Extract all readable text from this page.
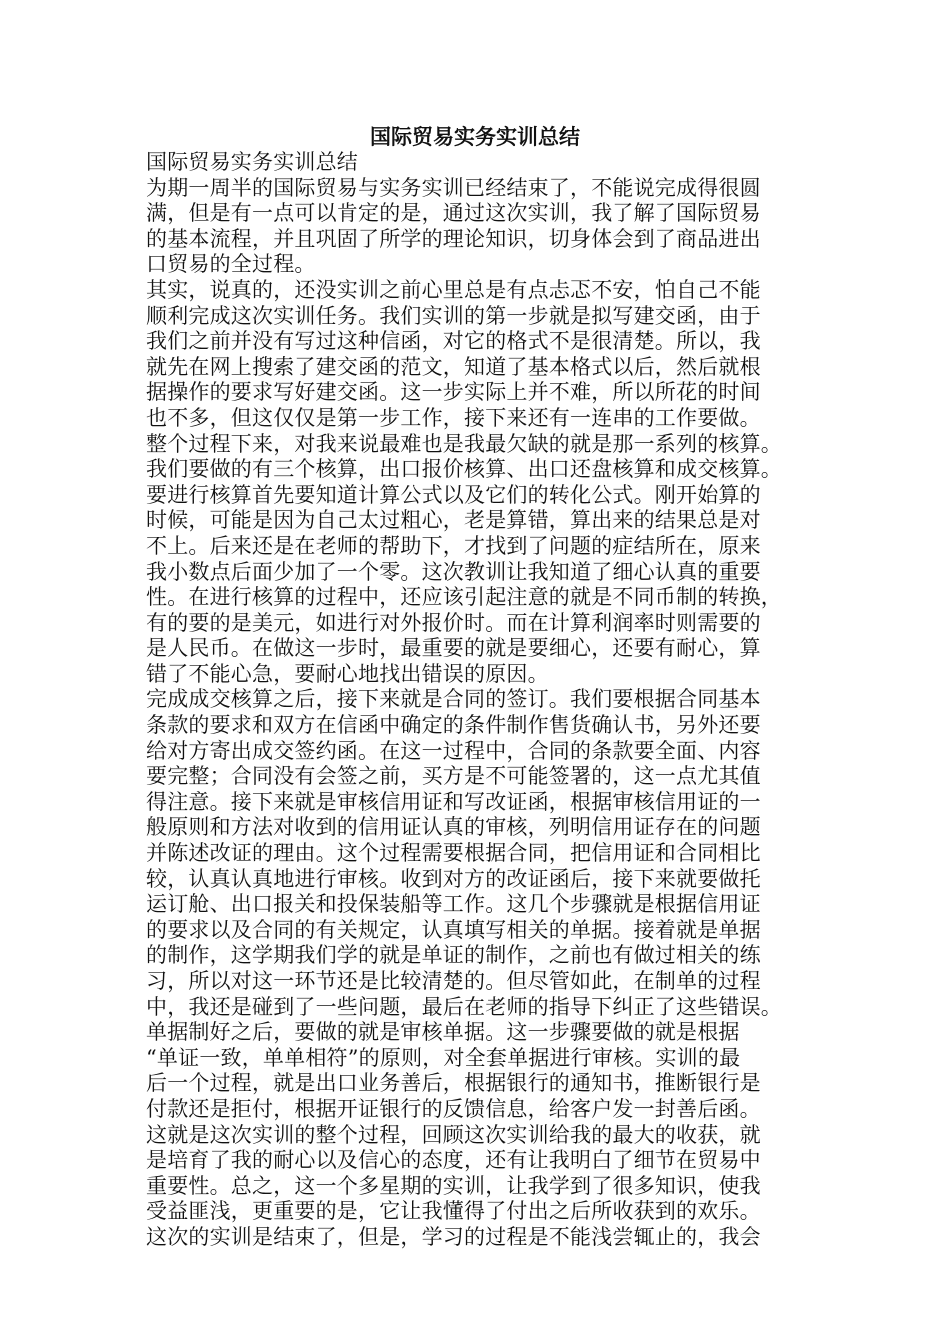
国际贸易实务实训总结
国际贸易实务实训总结
为期一周半的国际贸易与实务实训已经结束了，不能说完成得很圆
满，但是有一点可以肯定的是，通过这次实训，我了解了国际贸易
的基本流程，并且巩固了所学的理论知识，切身体会到了商品进出
口贸易的全过程。
其实，说真的，还没实训之前心里总是有点忐忑不安，怕自己不能
顺利完成这次实训任务。我们实训的第一步就是拟写建交函，由于
我们之前并没有写过这种信函，对它的格式不是很清楚。所以，我
就先在网上搜索了建交函的范文，知道了基本格式以后，然后就根
据操作的要求写好建交函。这一步实际上并不难，所以所花的时间
也不多，但这仅仅是第一步工作，接下来还有一连串的工作要做。
整个过程下来，对我来说最难也是我最欠缺的就是那一系列的核算。
我们要做的有三个核算，出口报价核算、出口还盘核算和成交核算。
要进行核算首先要知道计算公式以及它们的转化公式。刚开始算的
时候，可能是因为自己太过粗心，老是算错，算出来的结果总是对
不上。后来还是在老师的帮助下，才找到了问题的症结所在，原来
我小数点后面少加了一个零。这次教训让我知道了细心认真的重要
性。在进行核算的过程中，还应该引起注意的就是不同币制的转换，
有的要的是美元，如进行对外报价时。而在计算利润率时则需要的
是人民币。在做这一步时，最重要的就是要细心，还要有耐心，算
错了不能心急，要耐心地找出错误的原因。
完成成交核算之后，接下来就是合同的签订。我们要根据合同基本
条款的要求和双方在信函中确定的条件制作售货确认书，另外还要
给对方寄出成交签约函。在这一过程中，合同的条款要全面、内容
要完整；合同没有会签之前，买方是不可能签署的，这一点尤其值
得注意。接下来就是审核信用证和写改证函，根据审核信用证的一
般原则和方法对收到的信用证认真的审核，列明信用证存在的问题
并陈述改证的理由。这个过程需要根据合同，把信用证和合同相比
较，认真认真地进行审核。收到对方的改证函后，接下来就要做托
运订舱、出口报关和投保装船等工作。这几个步骤就是根据信用证
的要求以及合同的有关规定，认真填写相关的单据。接着就是单据
的制作，这学期我们学的就是单证的制作，之前也有做过相关的练
习，所以对这一环节还是比较清楚的。但尽管如此，在制单的过程
中，我还是碰到了一些问题，最后在老师的指导下纠正了这些错误。
单据制好之后，要做的就是审核单据。这一步骤要做的就是根据
“单证一致，单单相符”的原则，对全套单据进行审核。实训的最
后一个过程，就是出口业务善后，根据银行的通知书，推断银行是
付款还是拒付，根据开证银行的反馈信息，给客户发一封善后函。
这就是这次实训的整个过程，回顾这次实训给我的最大的收获，就
是培育了我的耐心以及信心的态度，还有让我明白了细节在贸易中
重要性。总之，这一个多星期的实训，让我学到了很多知识，使我
受益匪浅，更重要的是，它让我懂得了付出之后所收获到的欢乐。
这次的实训是结束了，但是，学习的过程是不能浅尝辄止的，我会
